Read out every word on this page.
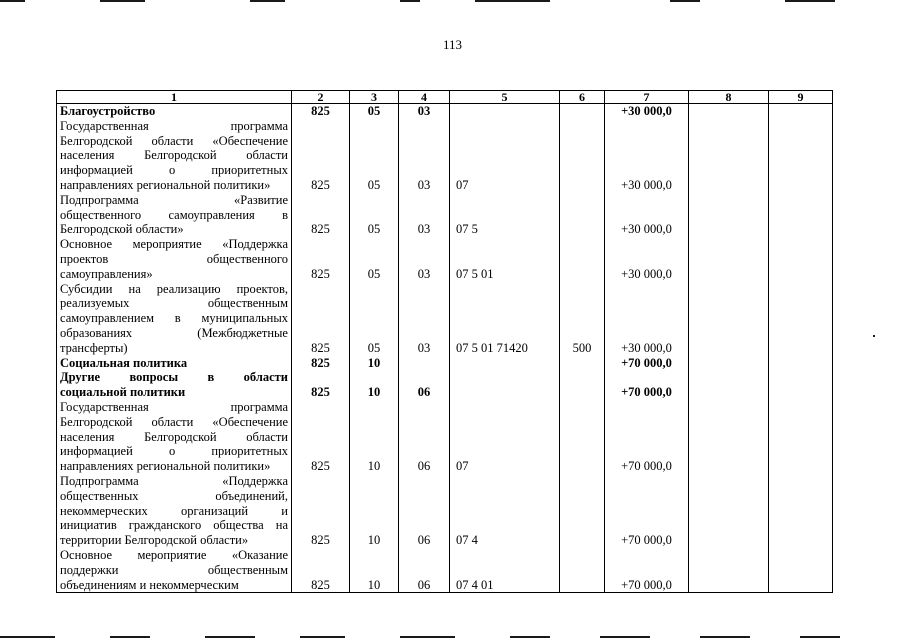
113
1	2	3	4	5	6	7	8	9

Благоустройство	825	05	03			+30 000,0		

Государственная программа
Белгородской области «Обеспечение
населения Белгородской области
информацией о приоритетных
направлениях региональной политики»	825	05	03	07		+30 000,0		

Подпрограмма «Развитие
общественного самоуправления в
Белгородской области»	825	05	03	07 5		+30 000,0		

Основное мероприятие «Поддержка
проектов общественного
самоуправления»	825	05	03	07 5 01		+30 000,0		

Субсидии на реализацию проектов,
реализуемых общественным
самоуправлением в муниципальных
образованиях (Межбюджетные
трансферты)	825	05	03	07 5 01 71420	500	+30 000,0		

Социальная политика	825	10				+70 000,0		

Другие вопросы в области
социальной политики	825	10	06			+70 000,0		

Государственная программа
Белгородской области «Обеспечение
населения Белгородской области
информацией о приоритетных
направлениях региональной политики»	825	10	06	07		+70 000,0		

Подпрограмма «Поддержка
общественных объединений,
некоммерческих организаций и
инициатив гражданского общества на
территории Белгородской области»	825	10	06	07 4		+70 000,0		

Основное мероприятие «Оказание
поддержки общественным
объединениям и некоммерческим	825	10	06	07 4 01		+70 000,0		
